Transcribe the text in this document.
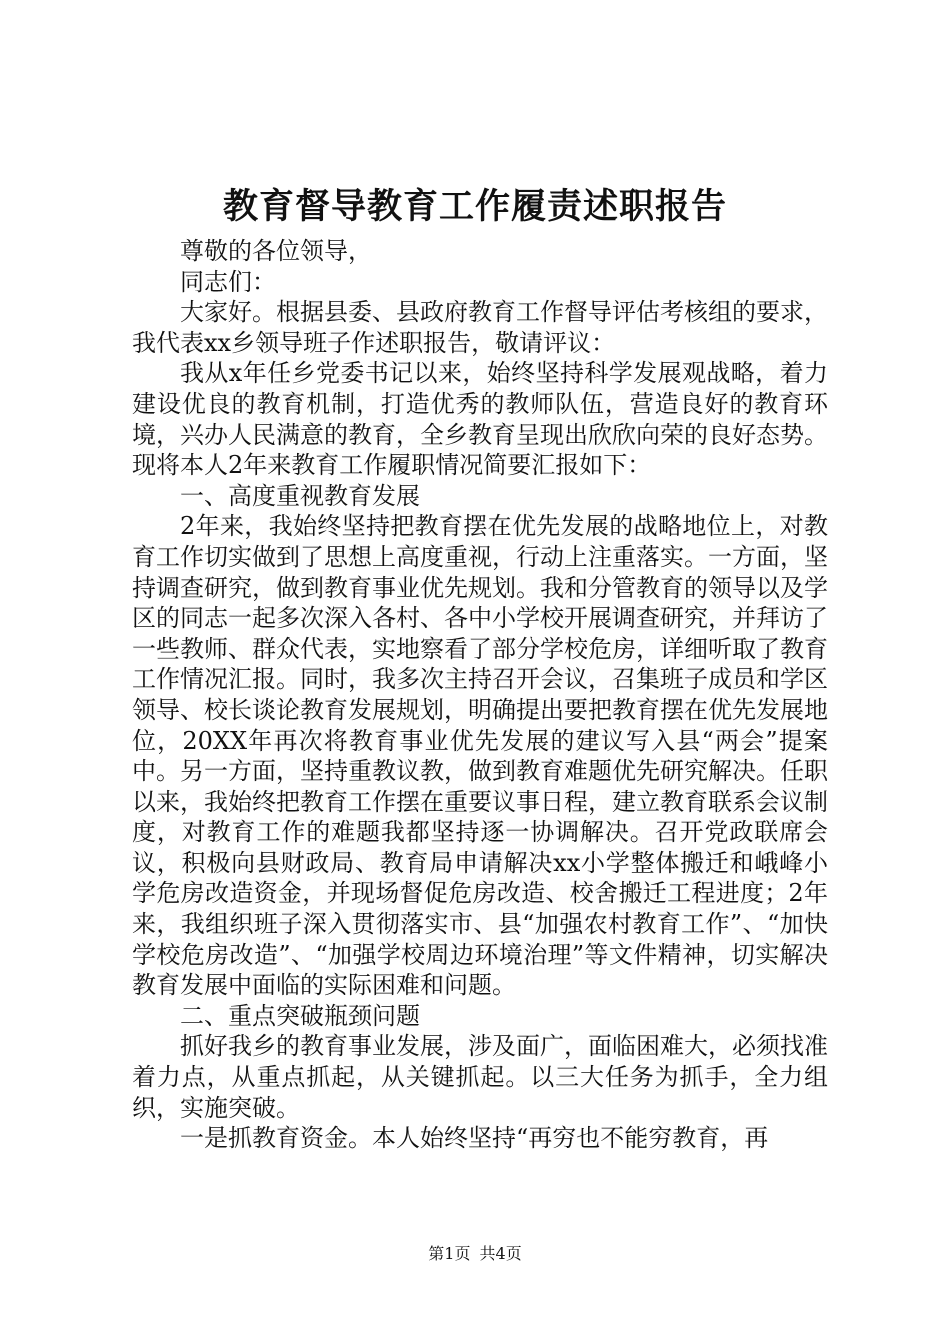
教育督导教育工作履责述职报告

尊敬的各位领导，

同志们：

大家好。根据县委、县政府教育工作督导评估考核组的要求，我代表xx乡领导班子作述职报告，敬请评议：

我从x年任乡党委书记以来，始终坚持科学发展观战略，着力建设优良的教育机制，打造优秀的教师队伍，营造良好的教育环境，兴办人民满意的教育，全乡教育呈现出欣欣向荣的良好态势。现将本人2年来教育工作履职情况简要汇报如下：

一、高度重视教育发展

2年来，我始终坚持把教育摆在优先发展的战略地位上，对教育工作切实做到了思想上高度重视，行动上注重落实。一方面，坚持调查研究，做到教育事业优先规划。我和分管教育的领导以及学区的同志一起多次深入各村、各中小学校开展调查研究，并拜访了一些教师、群众代表，实地察看了部分学校危房，详细听取了教育工作情况汇报。同时，我多次主持召开会议，召集班子成员和学区领导、校长谈论教育发展规划，明确提出要把教育摆在优先发展地位，20XX年再次将教育事业优先发展的建议写入县“两会”提案中。另一方面，坚持重教议教，做到教育难题优先研究解决。任职以来，我始终把教育工作摆在重要议事日程，建立教育联系会议制度，对教育工作的难题我都坚持逐一协调解决。召开党政联席会议，积极向县财政局、教育局申请解决xx小学整体搬迁和峨峰小学危房改造资金，并现场督促危房改造、校舍搬迁工程进度；2年来，我组织班子深入贯彻落实市、县“加强农村教育工作”、“加快学校危房改造”、“加强学校周边环境治理”等文件精神，切实解决教育发展中面临的实际困难和问题。

二、重点突破瓶颈问题

抓好我乡的教育事业发展，涉及面广，面临困难大，必须找准着力点，从重点抓起，从关键抓起。以三大任务为抓手，全力组织，实施突破。

一是抓教育资金。本人始终坚持“再穷也不能穷教育，再

第1页 共4页
